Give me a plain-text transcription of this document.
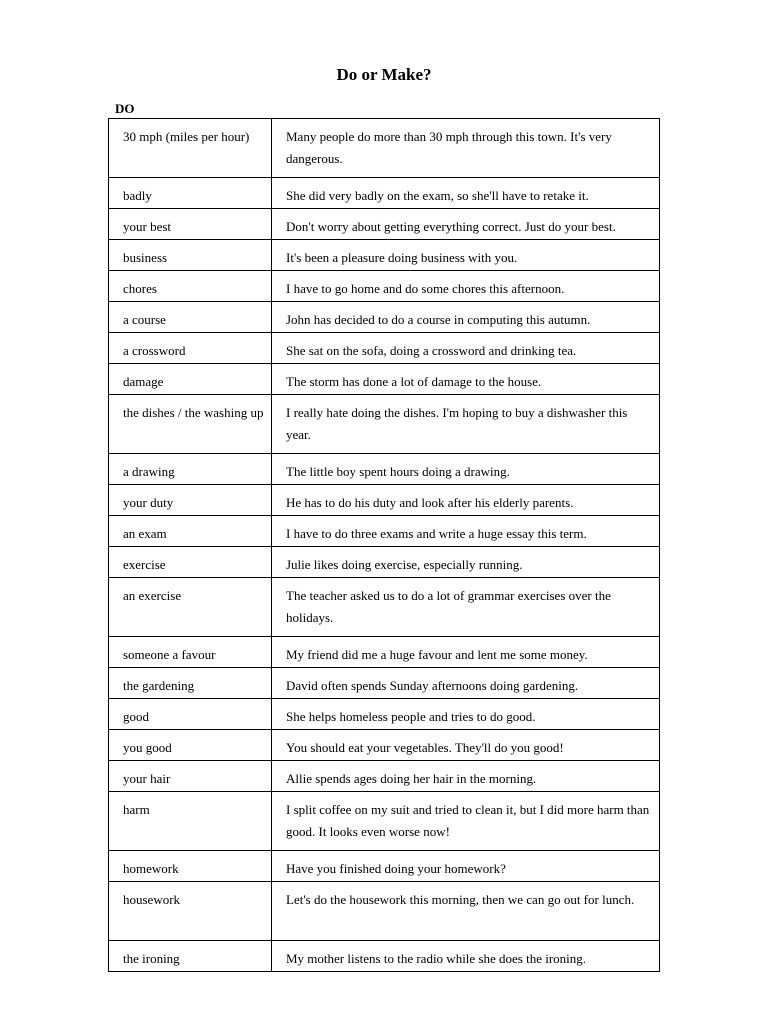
Do or Make?
DO
30 mph (miles per hour)	Many people do more than 30 mph through this town. It's very dangerous.
badly	She did very badly on the exam, so she'll have to retake it.
your best	Don't worry about getting everything correct. Just do your best.
business	It's been a pleasure doing business with you.
chores	I have to go home and do some chores this afternoon.
a course	John has decided to do a course in computing this autumn.
a crossword	She sat on the sofa, doing a crossword and drinking tea.
damage	The storm has done a lot of damage to the house.
the dishes / the washing up	I really hate doing the dishes. I'm hoping to buy a dishwasher this year.
a drawing	The little boy spent hours doing a drawing.
your duty	He has to do his duty and look after his elderly parents.
an exam	I have to do three exams and write a huge essay this term.
exercise	Julie likes doing exercise, especially running.
an exercise	The teacher asked us to do a lot of grammar exercises over the holidays.
someone a favour	My friend did me a huge favour and lent me some money.
the gardening	David often spends Sunday afternoons doing gardening.
good	She helps homeless people and tries to do good.
you good	You should eat your vegetables. They'll do you good!
your hair	Allie spends ages doing her hair in the morning.
harm	I split coffee on my suit and tried to clean it, but I did more harm than good. It looks even worse now!
homework	Have you finished doing your homework?
housework	Let's do the housework this morning, then we can go out for lunch.
the ironing	My mother listens to the radio while she does the ironing.
